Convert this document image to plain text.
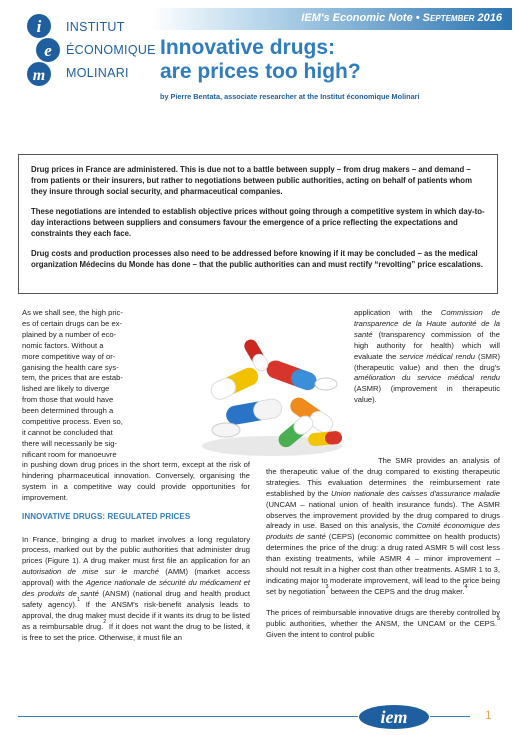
IEM's Economic Note • September 2016
i
e
m
INSTITUT
ÉCONOMIQUE
MOLINARI
Innovative drugs:
are prices too high?
by Pierre Bentata, associate researcher at the Institut économique Molinari

Drug prices in France are administered. This is due not to a battle between supply – from drug makers – and demand – from patients or their insurers, but rather to negotiations between public authorities, acting on behalf of patients whom they insure through social security, and pharmaceutical companies.

These negotiations are intended to establish objective prices without going through a competitive system in which day-to-day interactions between suppliers and consumers favour the emergence of a price reflecting the expectations and constraints they each face.

Drug costs and production processes also need to be addressed before knowing if it may be concluded – as the medical organization Médecins du Monde has done – that the public authorities can and must rectify “revolting” price escalations.

As we shall see, the high pric-
es of certain drugs can be ex-
plained by a number of eco-
nomic factors. Without a
more competitive way of or-
ganising the health care sys-
tem, the prices that are estab-
lished are likely to diverge
from those that would have
been determined through a
competitive process. Even so,
it cannot be concluded that
there will necessarily be sig-
nificant room for manoeuvre

in pushing down drug prices in the short term, except at the risk of hindering pharmaceutical innovation. Conversely, organising the system in a competitive way could provide opportunities for improvement.

INNOVATIVE DRUGS: REGULATED PRICES

In France, bringing a drug to market involves a long regulatory process, marked out by the public authorities that administer drug prices (Figure 1). A drug maker must first file an application for an autorisation de mise sur le marché (AMM) (market access approval) with the Agence nationale de sécurité du médicament et des produits de santé (ANSM) (national drug and health product safety agency).$^1$ If the ANSM's risk-benefit analysis leads to approval, the drug maker must decide if it wants its drug to be listed as a reimbursable drug.$^2$ If it does not want the drug to be listed, it is free to set the price. Otherwise, it must file an

application with the Commission de transparence de la Haute autorité de la santé (transparency commission of the high authority for health) which will evaluate the service médical rendu (SMR) (therapeutic value) and then the drug's amélioration du service médical rendu (ASMR) (improvement in therapeutic value).

The SMR provides an analysis of the therapeutic value of the drug compared to existing therapeutic strategies. This evaluation determines the reimbursement rate established by the Union nationale des caisses d'assurance maladie (UNCAM – national union of health insurance funds). The ASMR observes the improvement provided by the drug compared to drugs already in use. Based on this analysis, the Comité économique des produits de santé (CEPS) (economic committee on health products) determines the price of the drug: a drug rated ASMR 5 will cost less than existing treatments, while ASMR 4 – minor improvement – should not result in a higher cost than other treatments. ASMR 1 to 3, indicating major to moderate improvement, will lead to the price being set by negotiation$^3$ between the CEPS and the drug maker.$^4$

The prices of reimbursable innovative drugs are thereby controlled by public authorities, whether the ANSM, the UNCAM or the CEPS.$^5$ Given the intent to control public

iem	1
